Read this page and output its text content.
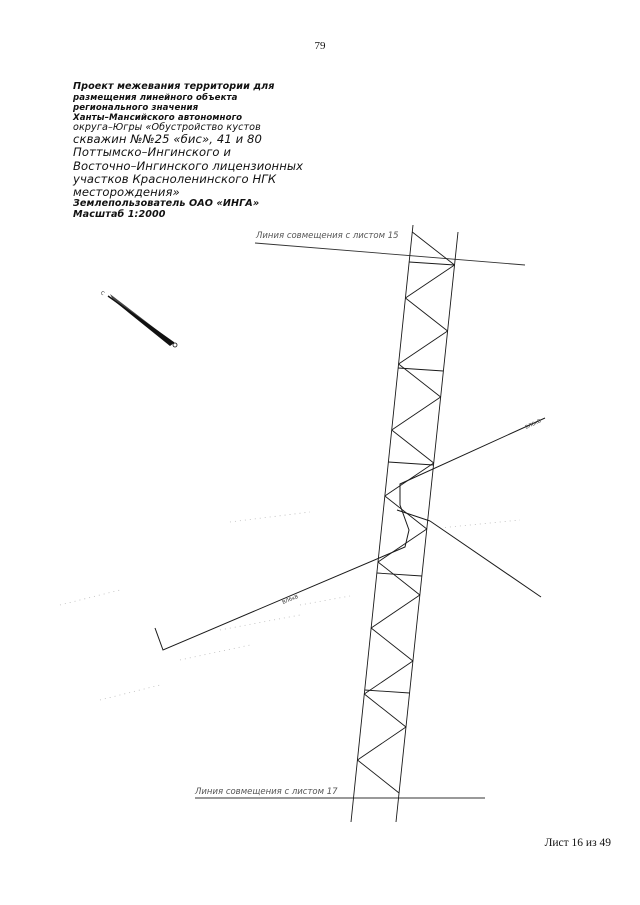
79
Проект межевания территории для
размещения линейного объекта
регионального значения
Ханты–Мансийского автономного
округа–Югры «Обустройство кустов
скважин №№25 «бис», 41 и 80
Поттымско–Ингинского и
Восточно–Ингинского лицензионных
участков Красноленинского НГК
месторождения»
Землепользователь ОАО «ИНГА»
Масштаб 1:2000
Линия совмещения с листом 15
Линия совмещения с листом 17
С
ВЛ6кВ
ВЛ6кВ
Лист 16 из 49
